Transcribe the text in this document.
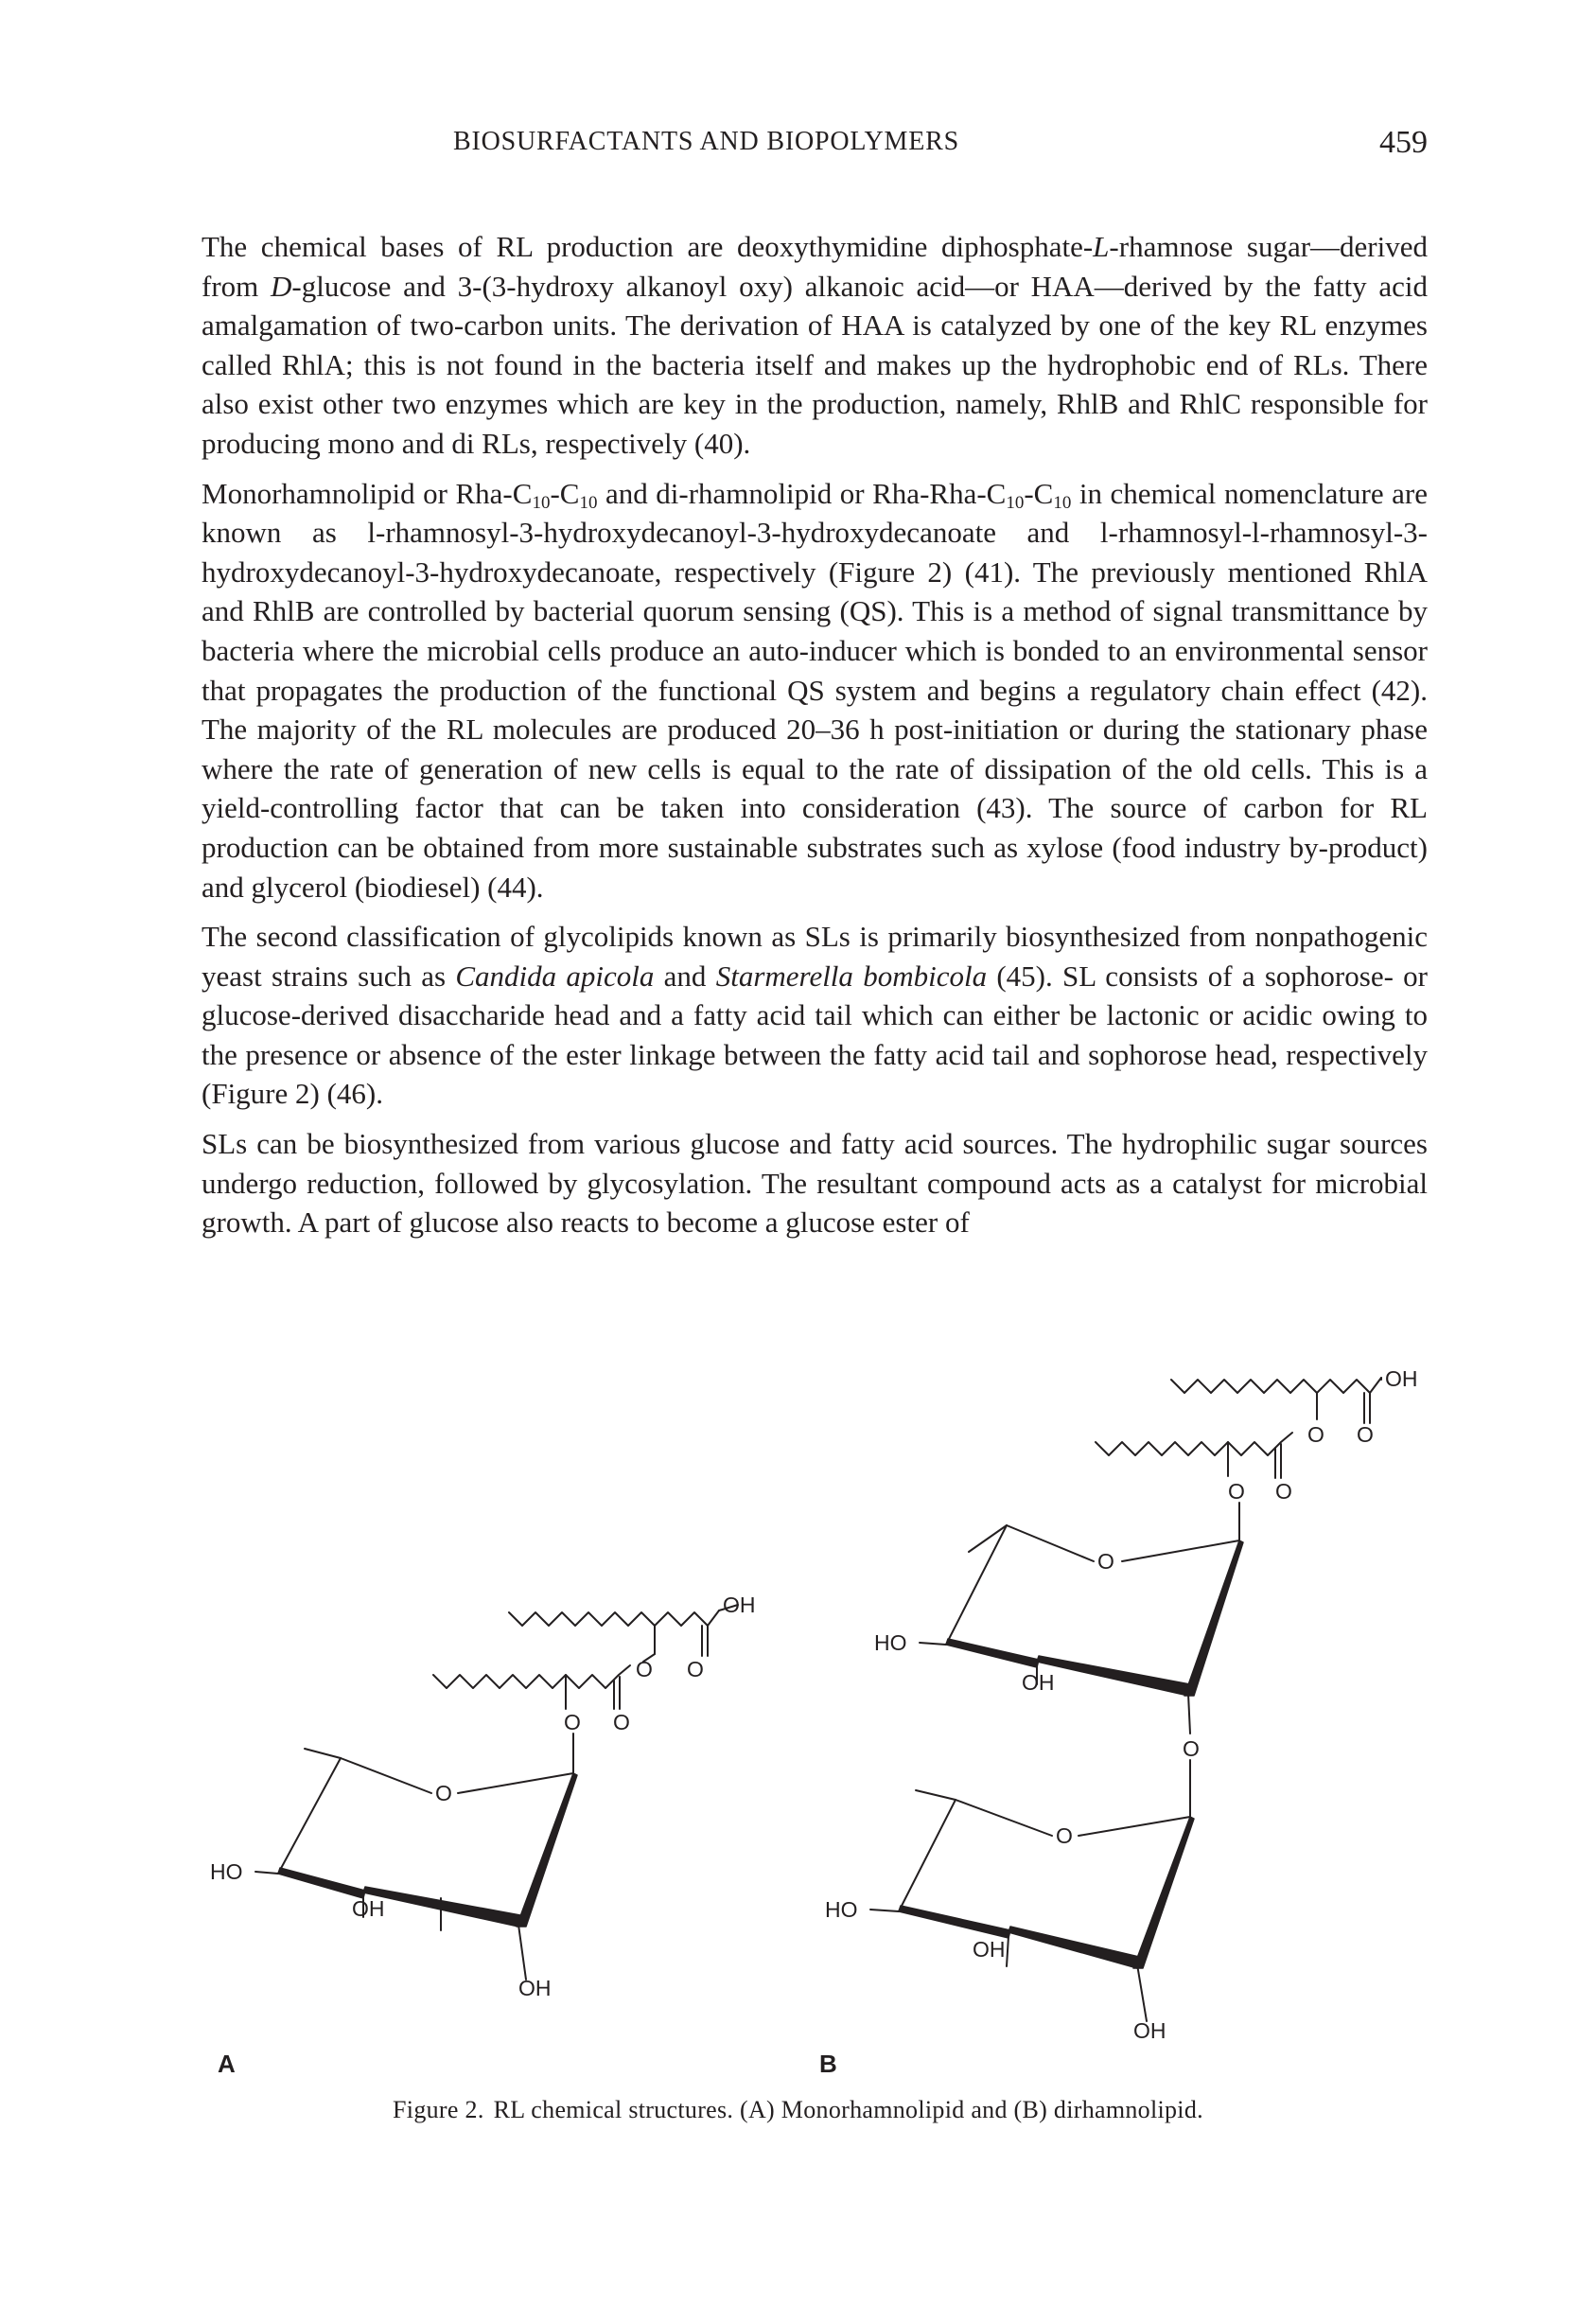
BIOSURFACTANTS AND BIOPOLYMERS	459

The chemical bases of RL production are deoxythymidine diphosphate-L-rhamnose sugar—derived from D-glucose and 3-(3-hydroxy alkanoyl oxy) alkanoic acid—or HAA—derived by the fatty acid amalgamation of two-carbon units. The derivation of HAA is catalyzed by one of the key RL enzymes called RhlA; this is not found in the bacteria itself and makes up the hydrophobic end of RLs. There also exist other two enzymes which are key in the production, namely, RhlB and RhlC responsible for producing mono and di RLs, respectively (40).

Monorhamnolipid or Rha-$C_{10}-C_{10}$ and di-rhamnolipid or Rha-$Rha-C_{10}-C_{10}$ in chemical nomenclature are known as l-rhamnosyl-3-hydroxydecanoyl-3-hydroxydecanoate and l-rhamnosyl-l-rhamnosyl-3-hydroxydecanoyl-3-hydroxydecanoate, respectively (Figure 2) (41). The previously mentioned RhlA and RhlB are controlled by bacterial quorum sensing (QS). This is a method of signal transmittance by bacteria where the microbial cells produce an auto-inducer which is bonded to an environmental sensor that propagates the production of the functional QS system and begins a regulatory chain effect (42). The majority of the RL molecules are produced 20–36 h post-initiation or during the stationary phase where the rate of generation of new cells is equal to the rate of dissipation of the old cells. This is a yield-controlling factor that can be taken into consideration (43). The source of carbon for RL production can be obtained from more sustainable substrates such as xylose (food industry by-product) and glycerol (biodiesel) (44).

The second classification of glycolipids known as SLs is primarily biosynthesized from nonpathogenic yeast strains such as Candida apicola and Starmerella bombicola (45). SL consists of a sophorose- or glucose-derived disaccharide head and a fatty acid tail which can either be lactonic or acidic owing to the presence or absence of the ester linkage between the fatty acid tail and sophorose head, respectively (Figure 2) (46).

SLs can be biosynthesized from various glucose and fatty acid sources. The hydrophilic sugar sources undergo reduction, followed by glycosylation. The resultant compound acts as a catalyst for microbial growth. A part of glucose also reacts to become a glucose ester of

OH
O O
O O
O
HO
OH
OH
OH
O O
O O
O
HO
OH
O
O
HO
OH
OH
A	B
Figure 2. RL chemical structures. (A) Monorhamnolipid and (B) dirhamnolipid.
